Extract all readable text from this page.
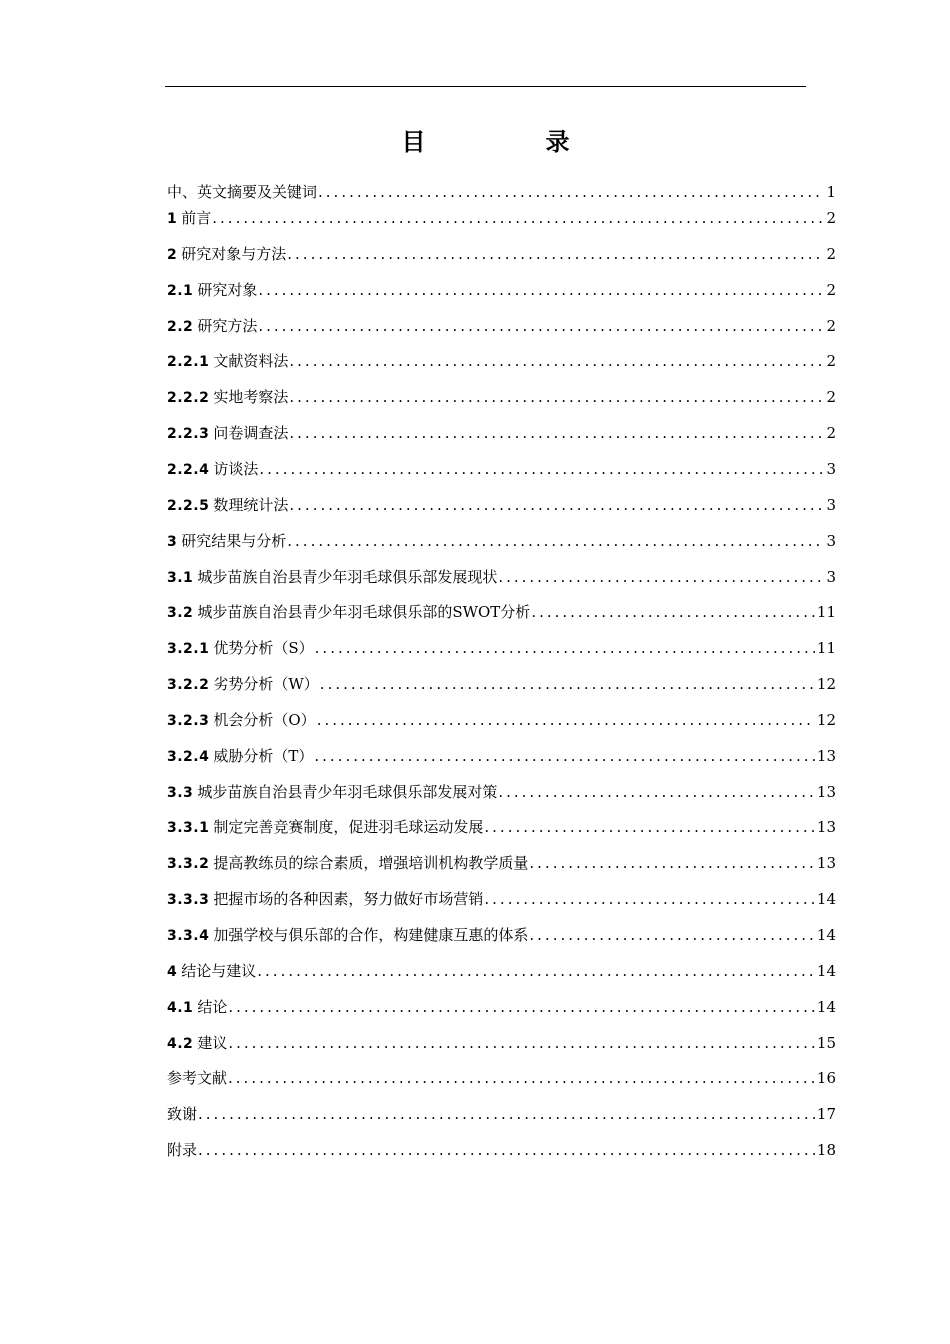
目　录
中、英文摘要及关键词 .....	1
1 前言 .....	2
2 研究对象与方法 .....	2
2.1 研究对象 .....	2
2.2 研究方法 .....	2
2.2.1 文献资料法 .....	2
2.2.2 实地考察法 .....	2
2.2.3 问卷调查法 .....	2
2.2.4 访谈法 .....	3
2.2.5 数理统计法 .....	3
3 研究结果与分析 .....	3
3.1 城步苗族自治县青少年羽毛球俱乐部发展现状 .....	3
3.2 城步苗族自治县青少年羽毛球俱乐部的SWOT分析 .....	11
3.2.1 优势分析（S） .....	11
3.2.2 劣势分析（W） .....	12
3.2.3 机会分析（O） .....	12
3.2.4 威胁分析（T） .....	13
3.3 城步苗族自治县青少年羽毛球俱乐部发展对策 .....	13
3.3.1 制定完善竞赛制度，促进羽毛球运动发展 .....	13
3.3.2 提高教练员的综合素质，增强培训机构教学质量 .....	13
3.3.3 把握市场的各种因素，努力做好市场营销 .....	14
3.3.4 加强学校与俱乐部的合作，构建健康互惠的体系 .....	14
4 结论与建议 .....	14
4.1 结论 .....	14
4.2 建议 .....	15
参考文献 .....	16
致谢 .....	17
附录 .....	18
